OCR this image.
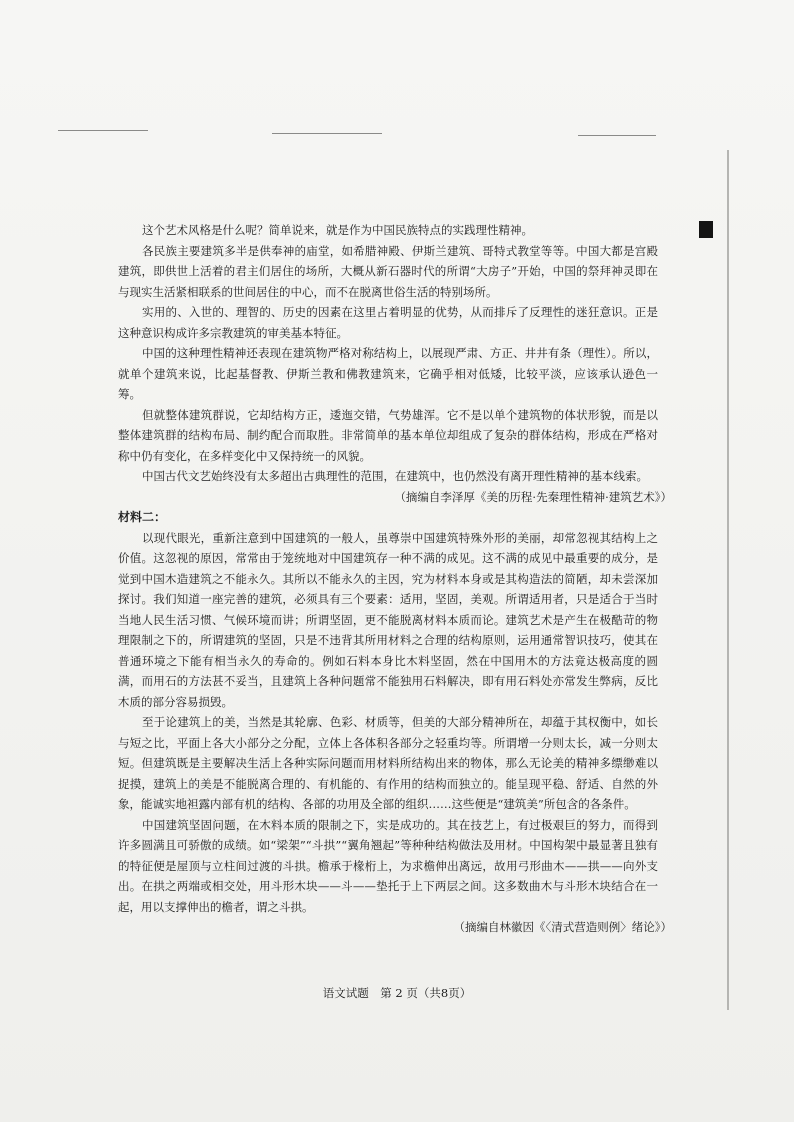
这个艺术风格是什么呢？简单说来，就是作为中国民族特点的实践理性精神。

各民族主要建筑多半是供奉神的庙堂，如希腊神殿、伊斯兰建筑、哥特式教堂等等。中国大都是宫殿建筑，即供世上活着的君主们居住的场所，大概从新石器时代的所谓“大房子”开始，中国的祭拜神灵即在与现实生活紧相联系的世间居住的中心，而不在脱离世俗生活的特别场所。

实用的、入世的、理智的、历史的因素在这里占着明显的优势，从而排斥了反理性的迷狂意识。正是这种意识构成许多宗教建筑的审美基本特征。

中国的这种理性精神还表现在建筑物严格对称结构上，以展现严肃、方正、井井有条（理性）。所以，就单个建筑来说，比起基督教、伊斯兰教和佛教建筑来，它确乎相对低矮，比较平淡，应该承认逊色一筹。

但就整体建筑群说，它却结构方正，逶迤交错，气势雄浑。它不是以单个建筑物的体状形貌，而是以整体建筑群的结构布局、制约配合而取胜。非常简单的基本单位却组成了复杂的群体结构，形成在严格对称中仍有变化，在多样变化中又保持统一的风貌。

中国古代文艺始终没有太多超出古典理性的范围，在建筑中，也仍然没有离开理性精神的基本线索。

（摘编自李泽厚《美的历程·先秦理性精神·建筑艺术》）

材料二：

以现代眼光，重新注意到中国建筑的一般人，虽尊崇中国建筑特殊外形的美丽，却常忽视其结构上之价值。这忽视的原因，常常由于笼统地对中国建筑存一种不满的成见。这不满的成见中最重要的成分，是觉到中国木造建筑之不能永久。其所以不能永久的主因，究为材料本身或是其构造法的简陋，却未尝深加探讨。我们知道一座完善的建筑，必须具有三个要素：适用，坚固，美观。所谓适用者，只是适合于当时当地人民生活习惯、气候环境而讲；所谓坚固，更不能脱离材料本质而论。建筑艺术是产生在极酷苛的物理限制之下的，所谓建筑的坚固，只是不违背其所用材料之合理的结构原则，运用通常智识技巧，使其在普通环境之下能有相当永久的寿命的。例如石料本身比木料坚固，然在中国用木的方法竟达极高度的圆满，而用石的方法甚不妥当，且建筑上各种问题常不能独用石料解决，即有用石料处亦常发生弊病，反比木质的部分容易损毁。

至于论建筑上的美，当然是其轮廓、色彩、材质等，但美的大部分精神所在，却蕴于其权衡中，如长与短之比，平面上各大小部分之分配，立体上各体积各部分之轻重均等。所谓增一分则太长，减一分则太短。但建筑既是主要解决生活上各种实际问题而用材料所结构出来的物体，那么无论美的精神多缥缈难以捉摸，建筑上的美是不能脱离合理的、有机能的、有作用的结构而独立的。能呈现平稳、舒适、自然的外象，能诚实地袒露内部有机的结构、各部的功用及全部的组织……这些便是“建筑美”所包含的各条件。

中国建筑坚固问题，在木料本质的限制之下，实是成功的。其在技艺上，有过极艰巨的努力，而得到许多圆满且可骄傲的成绩。如“梁架”“斗拱”“翼角翘起”等种种结构做法及用材。中国构架中最显著且独有的特征便是屋顶与立柱间过渡的斗拱。檐承于椽桁上，为求檐伸出离远，故用弓形曲木——拱——向外支出。在拱之两端或相交处，用斗形木块——斗——垫托于上下两层之间。这多数曲木与斗形木块结合在一起，用以支撑伸出的檐者，谓之斗拱。

（摘编自林徽因《〈清式营造则例〉绪论》）

语文试题　第 2 页（共8页）
